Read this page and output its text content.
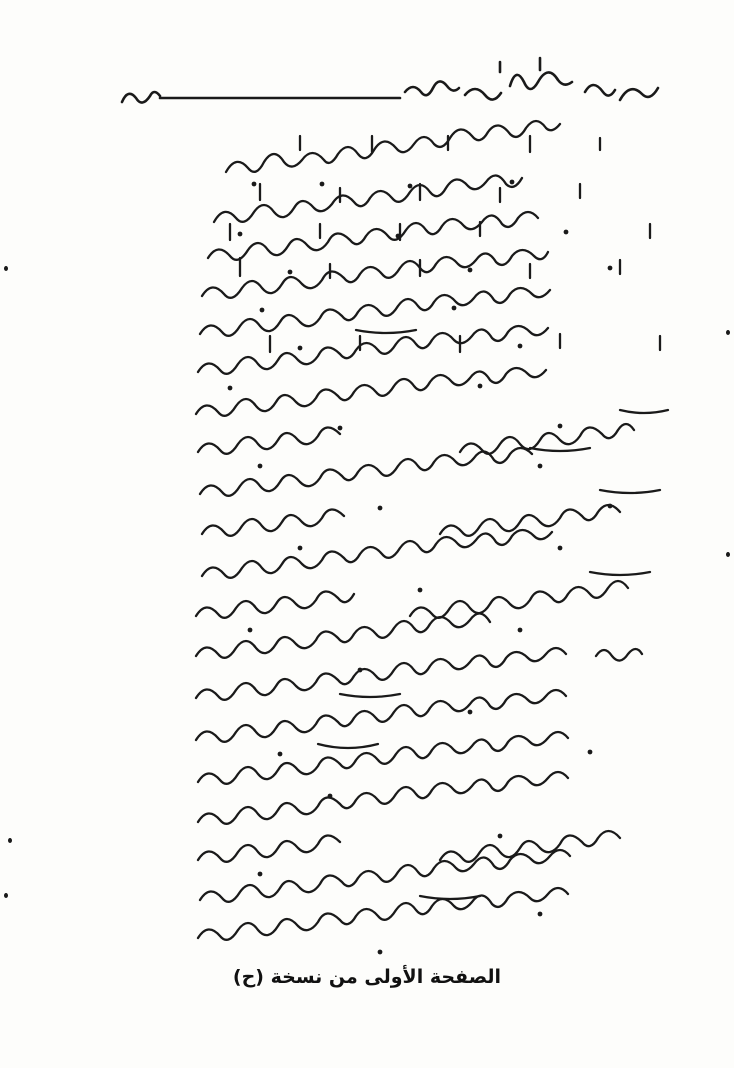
الصفحة الأولى من نسخة (ح)
